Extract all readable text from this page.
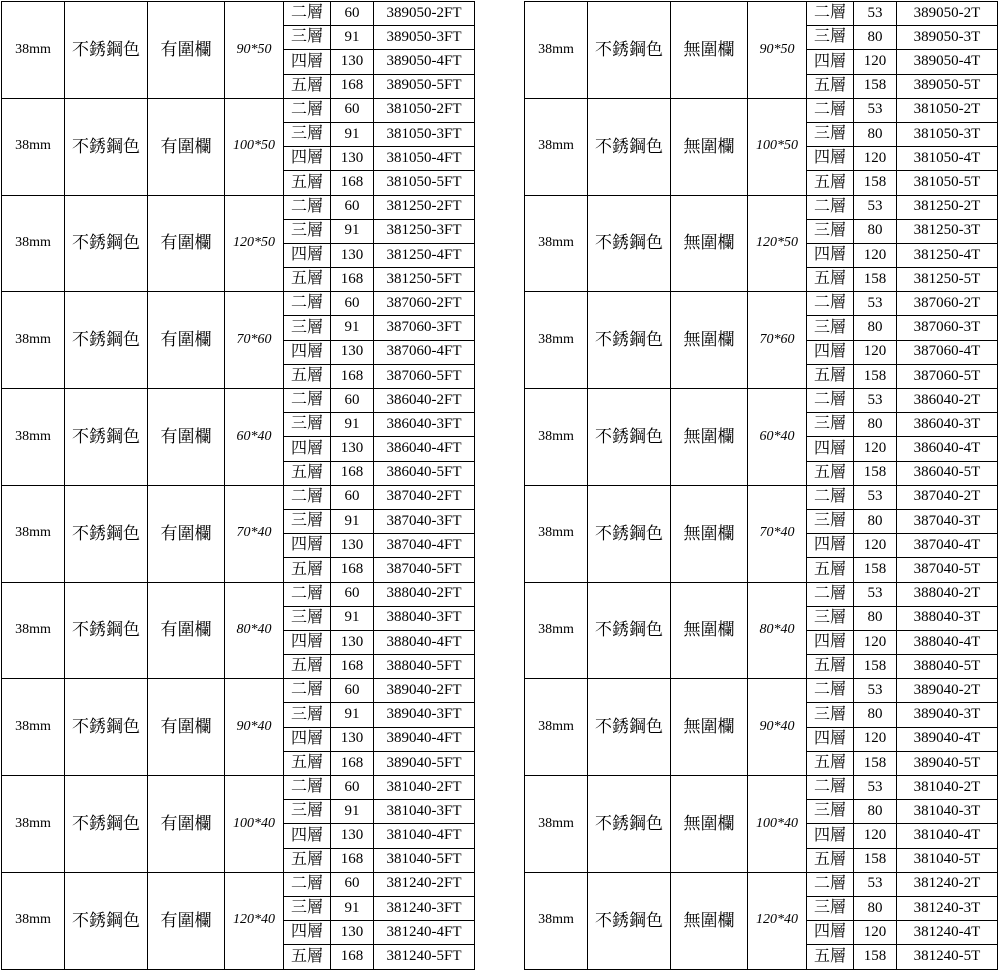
38mm	不銹鋼色	有圍欄	90*50	二層	60	389050-2FT
				三層	91	389050-3FT
				四層	130	389050-4FT
				五層	168	389050-5FT
38mm	不銹鋼色	有圍欄	100*50	二層	60	381050-2FT
				三層	91	381050-3FT
				四層	130	381050-4FT
				五層	168	381050-5FT
38mm	不銹鋼色	有圍欄	120*50	二層	60	381250-2FT
				三層	91	381250-3FT
				四層	130	381250-4FT
				五層	168	381250-5FT
38mm	不銹鋼色	有圍欄	70*60	二層	60	387060-2FT
				三層	91	387060-3FT
				四層	130	387060-4FT
				五層	168	387060-5FT
38mm	不銹鋼色	有圍欄	60*40	二層	60	386040-2FT
				三層	91	386040-3FT
				四層	130	386040-4FT
				五層	168	386040-5FT
38mm	不銹鋼色	有圍欄	70*40	二層	60	387040-2FT
				三層	91	387040-3FT
				四層	130	387040-4FT
				五層	168	387040-5FT
38mm	不銹鋼色	有圍欄	80*40	二層	60	388040-2FT
				三層	91	388040-3FT
				四層	130	388040-4FT
				五層	168	388040-5FT
38mm	不銹鋼色	有圍欄	90*40	二層	60	389040-2FT
				三層	91	389040-3FT
				四層	130	389040-4FT
				五層	168	389040-5FT
38mm	不銹鋼色	有圍欄	100*40	二層	60	381040-2FT
				三層	91	381040-3FT
				四層	130	381040-4FT
				五層	168	381040-5FT
38mm	不銹鋼色	有圍欄	120*40	二層	60	381240-2FT
				三層	91	381240-3FT
				四層	130	381240-4FT
				五層	168	381240-5FT
38mm	不銹鋼色	無圍欄	90*50	二層	53	389050-2T
				三層	80	389050-3T
				四層	120	389050-4T
				五層	158	389050-5T
38mm	不銹鋼色	無圍欄	100*50	二層	53	381050-2T
				三層	80	381050-3T
				四層	120	381050-4T
				五層	158	381050-5T
38mm	不銹鋼色	無圍欄	120*50	二層	53	381250-2T
				三層	80	381250-3T
				四層	120	381250-4T
				五層	158	381250-5T
38mm	不銹鋼色	無圍欄	70*60	二層	53	387060-2T
				三層	80	387060-3T
				四層	120	387060-4T
				五層	158	387060-5T
38mm	不銹鋼色	無圍欄	60*40	二層	53	386040-2T
				三層	80	386040-3T
				四層	120	386040-4T
				五層	158	386040-5T
38mm	不銹鋼色	無圍欄	70*40	二層	53	387040-2T
				三層	80	387040-3T
				四層	120	387040-4T
				五層	158	387040-5T
38mm	不銹鋼色	無圍欄	80*40	二層	53	388040-2T
				三層	80	388040-3T
				四層	120	388040-4T
				五層	158	388040-5T
38mm	不銹鋼色	無圍欄	90*40	二層	53	389040-2T
				三層	80	389040-3T
				四層	120	389040-4T
				五層	158	389040-5T
38mm	不銹鋼色	無圍欄	100*40	二層	53	381040-2T
				三層	80	381040-3T
				四層	120	381040-4T
				五層	158	381040-5T
38mm	不銹鋼色	無圍欄	120*40	二層	53	381240-2T
				三層	80	381240-3T
				四層	120	381240-4T
				五層	158	381240-5T
